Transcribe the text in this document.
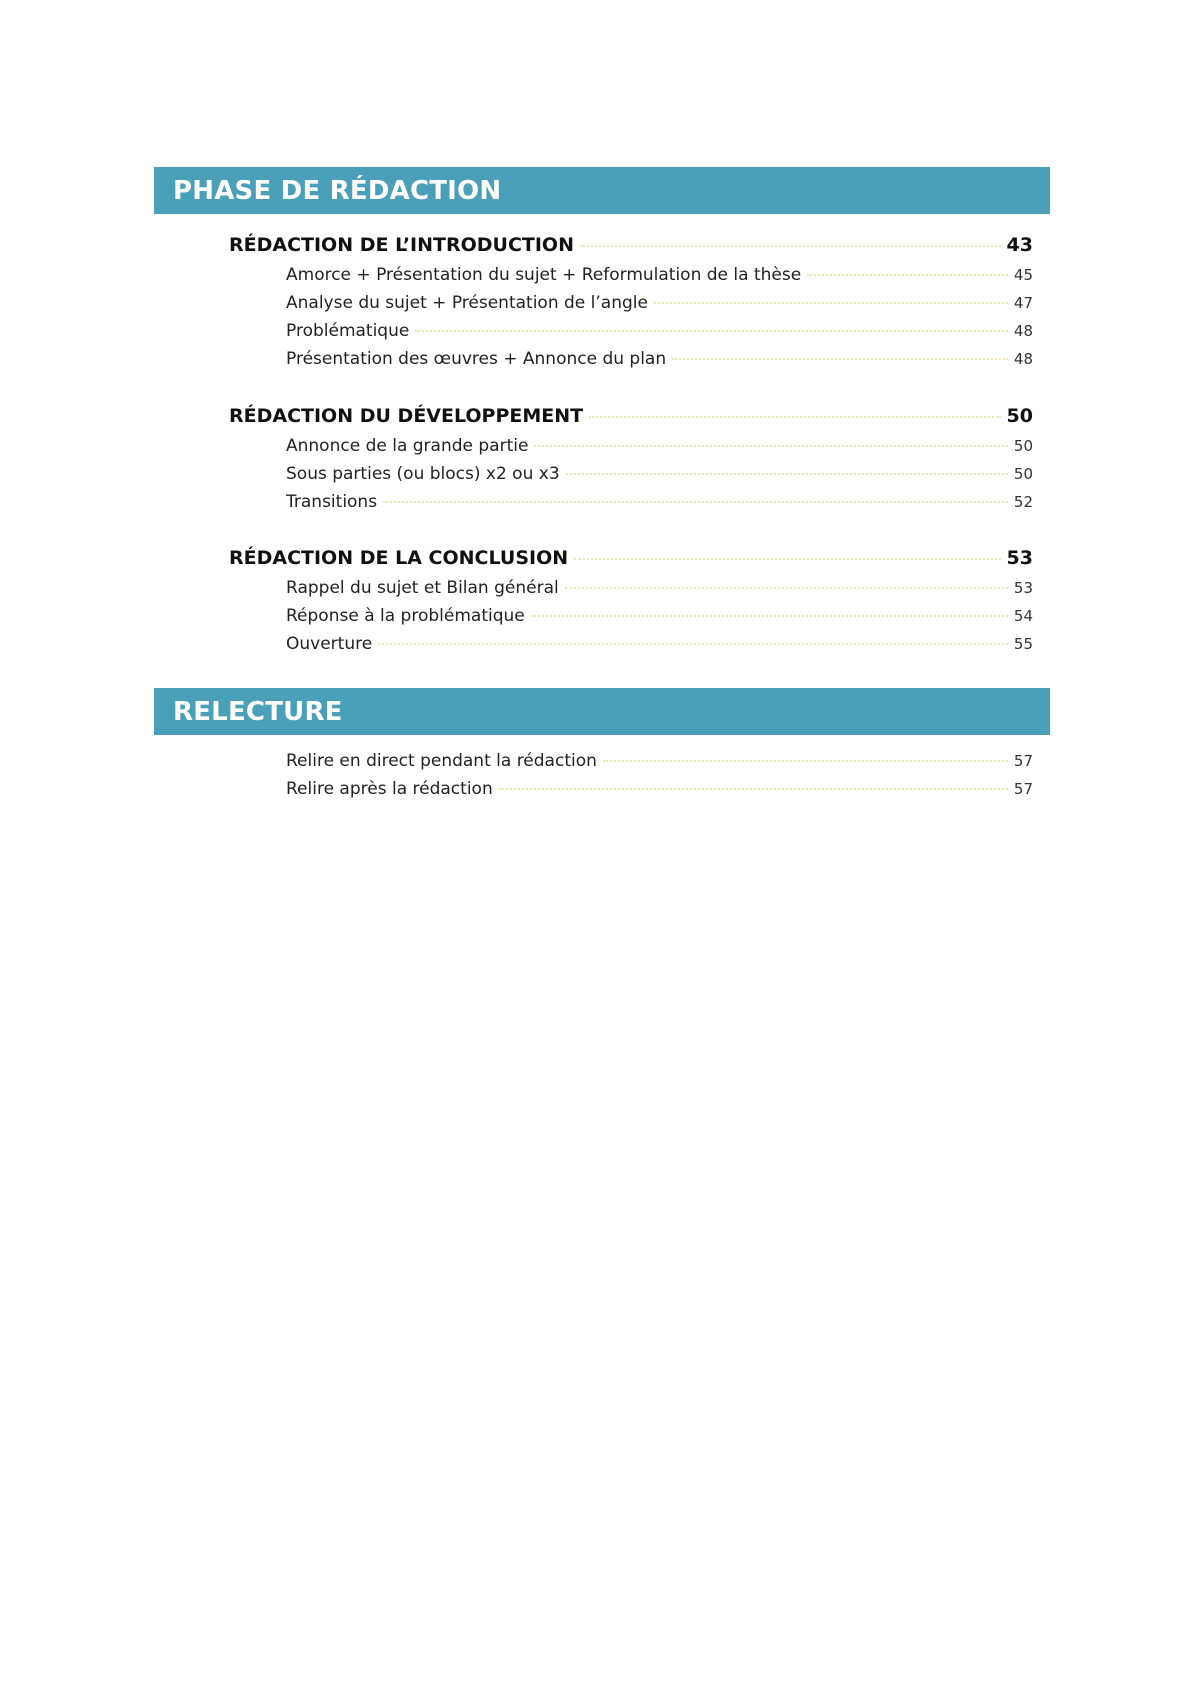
PHASE DE RÉDACTION
RÉDACTION DE L’INTRODUCTION	43
Amorce + Présentation du sujet + Reformulation de la thèse	45
Analyse du sujet + Présentation de l’angle	47
Problématique	48
Présentation des œuvres + Annonce du plan	48
RÉDACTION DU DÉVELOPPEMENT	50
Annonce de la grande partie	50
Sous parties (ou blocs) x2 ou x3	50
Transitions	52
RÉDACTION DE LA CONCLUSION	53
Rappel du sujet et Bilan général	53
Réponse à la problématique	54
Ouverture	55
RELECTURE
Relire en direct pendant la rédaction	57
Relire après la rédaction	57
